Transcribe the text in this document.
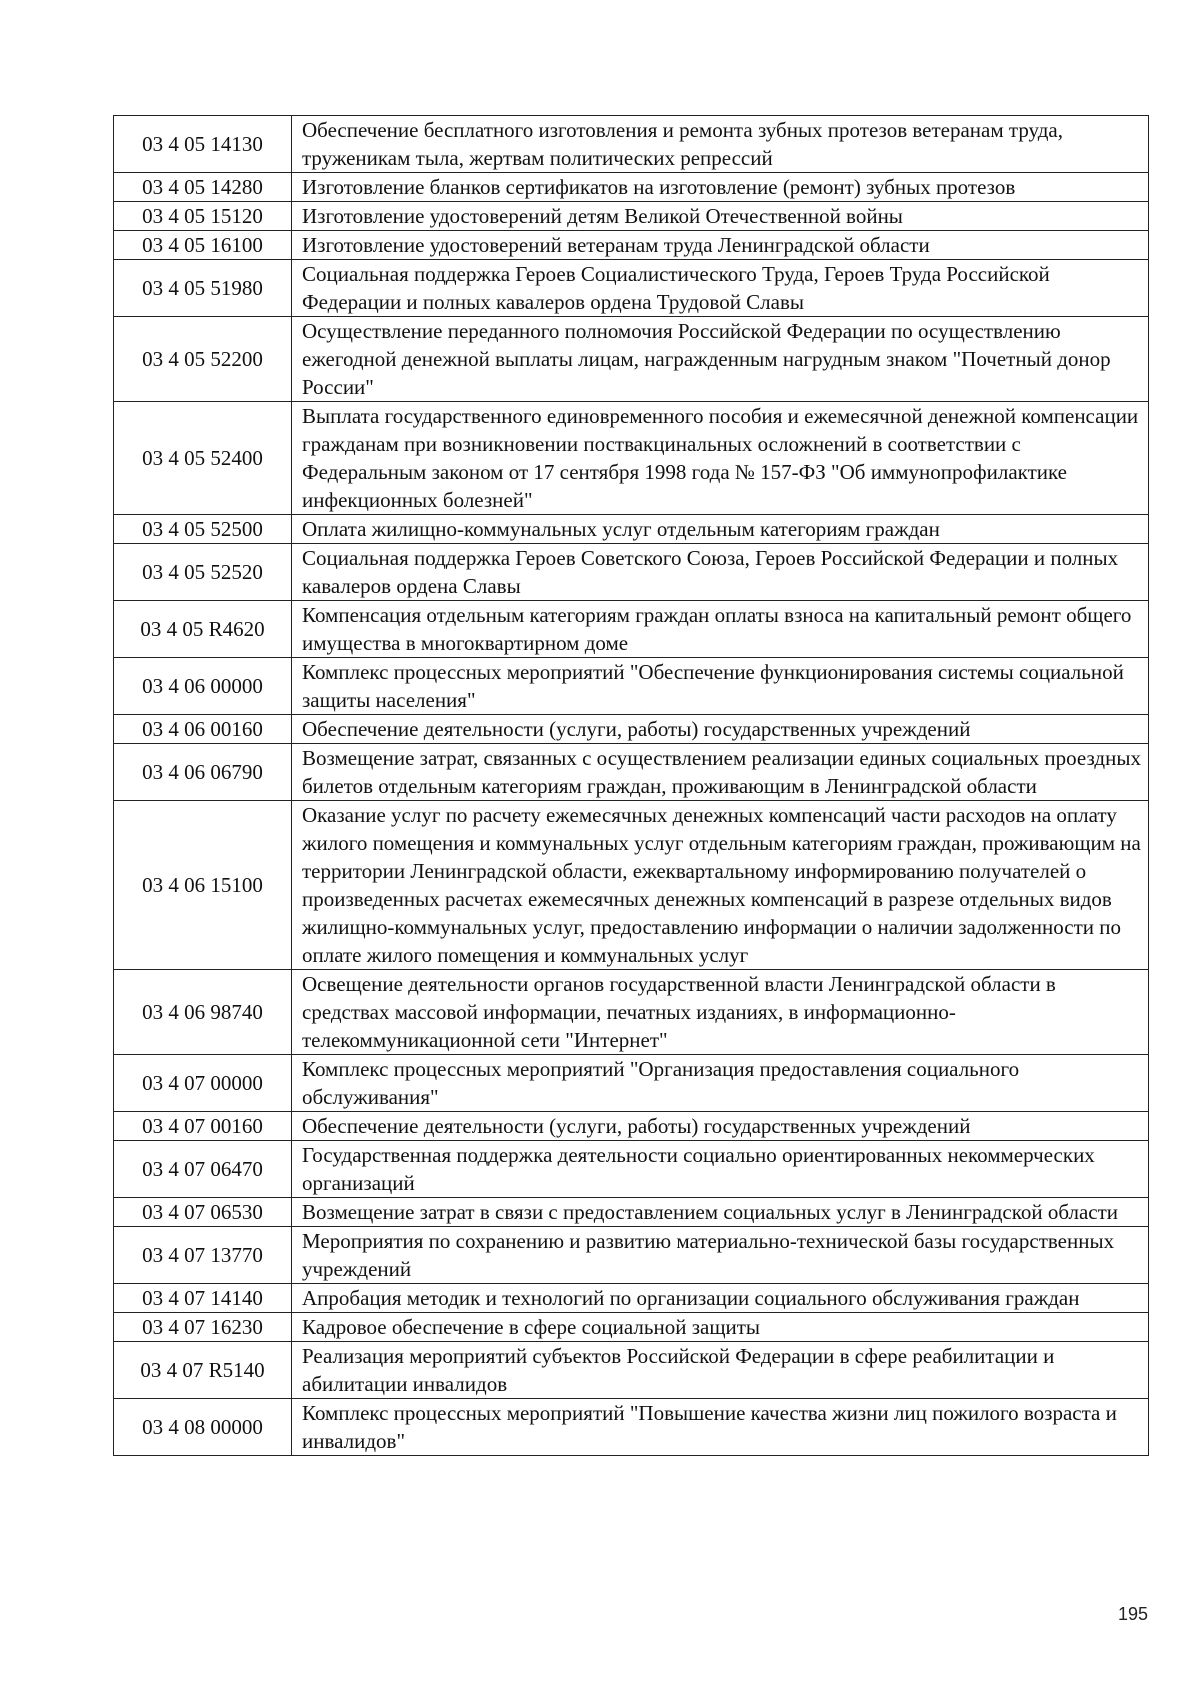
03 4 05 14130	Обеспечение бесплатного изготовления и ремонта зубных протезов ветеранам труда, труженикам тыла, жертвам политических репрессий
03 4 05 14280	Изготовление бланков сертификатов на изготовление (ремонт) зубных протезов
03 4 05 15120	Изготовление удостоверений детям Великой Отечественной войны
03 4 05 16100	Изготовление удостоверений ветеранам труда Ленинградской области
03 4 05 51980	Социальная поддержка Героев Социалистического Труда, Героев Труда Российской Федерации и полных кавалеров ордена Трудовой Славы
03 4 05 52200	Осуществление переданного полномочия Российской Федерации по осуществлению ежегодной денежной выплаты лицам, награжденным нагрудным знаком "Почетный донор России"
03 4 05 52400	Выплата государственного единовременного пособия и ежемесячной денежной компенсации гражданам при возникновении поствакцинальных осложнений в соответствии с Федеральным законом от 17 сентября 1998 года № 157-ФЗ "Об иммунопрофилактике инфекционных болезней"
03 4 05 52500	Оплата жилищно-коммунальных услуг отдельным категориям граждан
03 4 05 52520	Социальная поддержка Героев Советского Союза, Героев Российской Федерации и полных кавалеров ордена Славы
03 4 05 R4620	Компенсация отдельным категориям граждан оплаты взноса на капитальный ремонт общего имущества в многоквартирном доме
03 4 06 00000	Комплекс процессных мероприятий "Обеспечение функционирования системы социальной защиты населения"
03 4 06 00160	Обеспечение деятельности (услуги, работы) государственных учреждений
03 4 06 06790	Возмещение затрат, связанных с осуществлением реализации единых социальных проездных билетов отдельным категориям граждан, проживающим в Ленинградской области
03 4 06 15100	Оказание услуг по расчету ежемесячных денежных компенсаций части расходов на оплату жилого помещения и коммунальных услуг отдельным категориям граждан, проживающим на территории Ленинградской области, ежеквартальному информированию получателей о произведенных расчетах ежемесячных денежных компенсаций в разрезе отдельных видов жилищно-коммунальных услуг, предоставлению информации о наличии задолженности по оплате жилого помещения и коммунальных услуг
03 4 06 98740	Освещение деятельности органов государственной власти Ленинградской области в средствах массовой информации, печатных изданиях, в информационно-телекоммуникационной сети "Интернет"
03 4 07 00000	Комплекс процессных мероприятий "Организация предоставления социального обслуживания"
03 4 07 00160	Обеспечение деятельности (услуги, работы) государственных учреждений
03 4 07 06470	Государственная поддержка деятельности социально ориентированных некоммерческих организаций
03 4 07 06530	Возмещение затрат в связи с предоставлением социальных услуг в Ленинградской области
03 4 07 13770	Мероприятия по сохранению и развитию материально-технической базы государственных учреждений
03 4 07 14140	Апробация методик и технологий по организации социального обслуживания граждан
03 4 07 16230	Кадровое обеспечение в сфере социальной защиты
03 4 07 R5140	Реализация мероприятий субъектов Российской Федерации в сфере реабилитации и абилитации инвалидов
03 4 08 00000	Комплекс процессных мероприятий "Повышение качества жизни лиц пожилого возраста и инвалидов"
195
